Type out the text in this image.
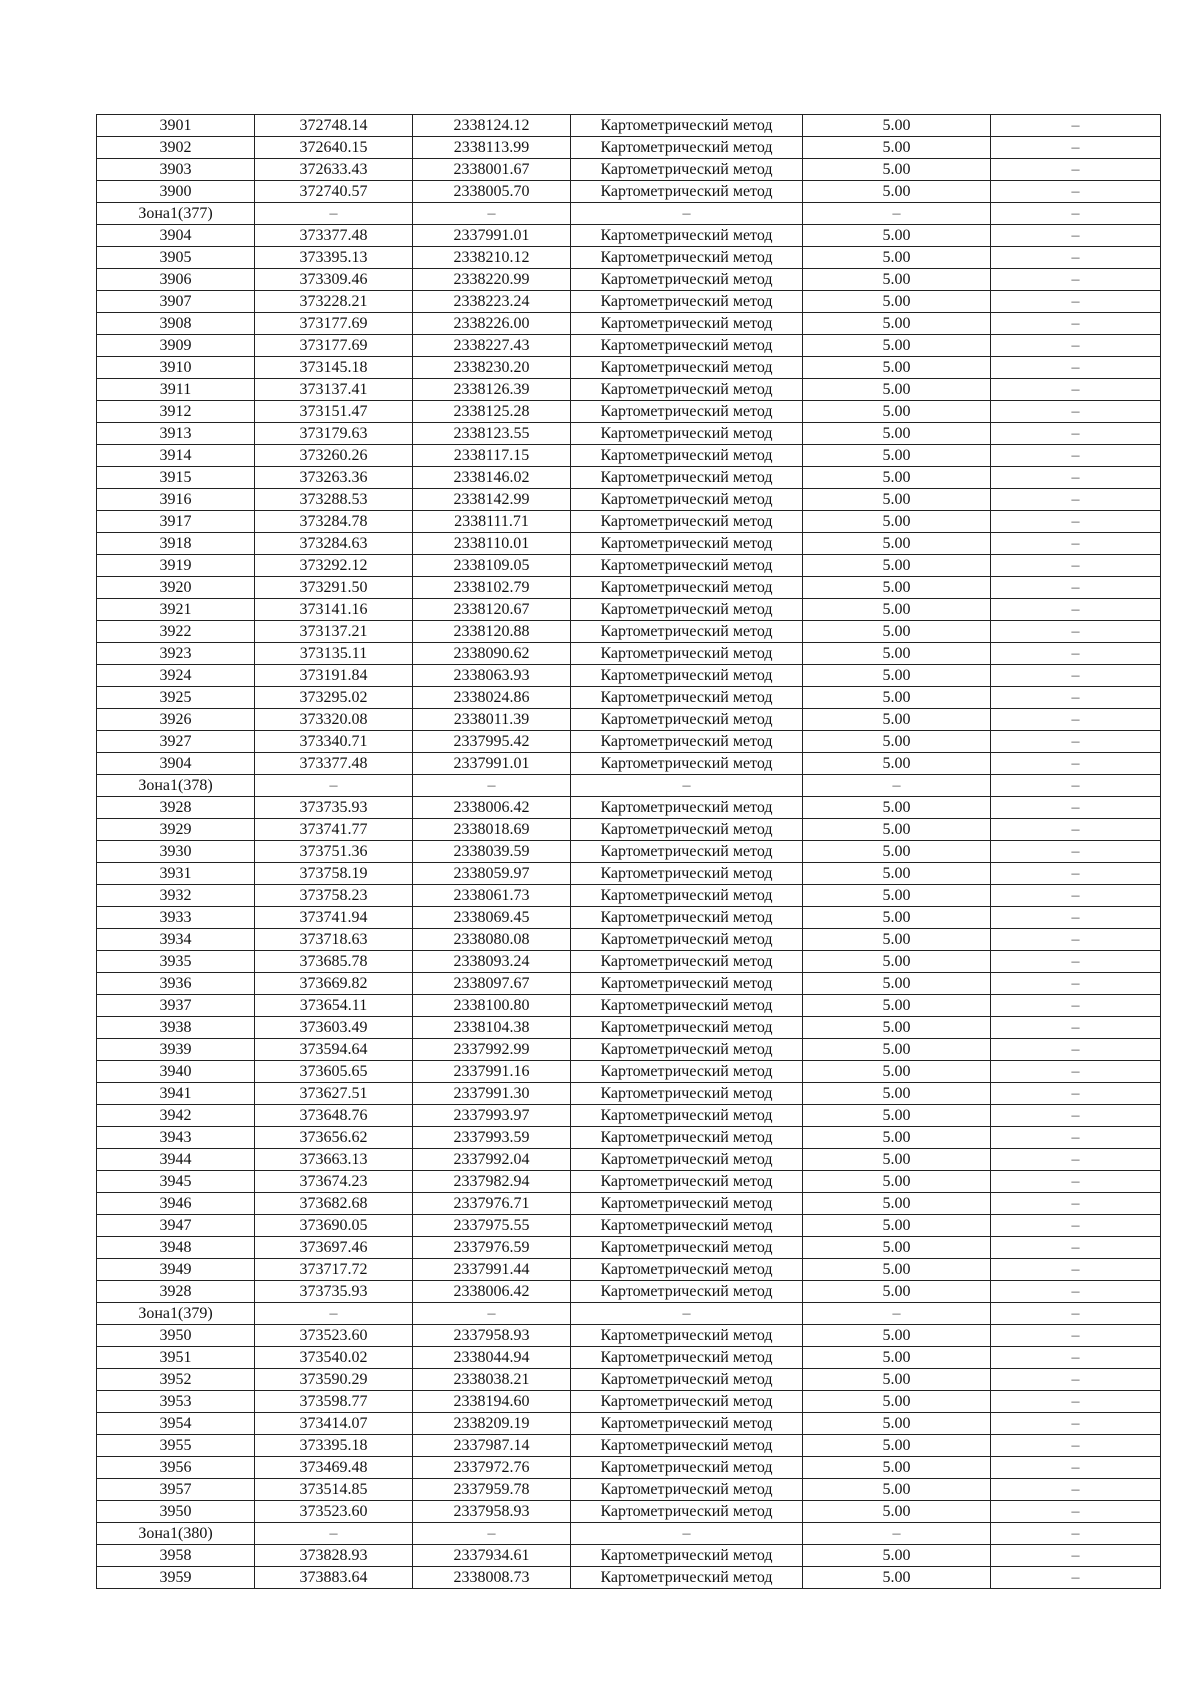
3901	372748.14	2338124.12	Картометрический метод	5.00	–
3902	372640.15	2338113.99	Картометрический метод	5.00	–
3903	372633.43	2338001.67	Картометрический метод	5.00	–
3900	372740.57	2338005.70	Картометрический метод	5.00	–
Зона1(377)	–	–	–	–	–
3904	373377.48	2337991.01	Картометрический метод	5.00	–
3905	373395.13	2338210.12	Картометрический метод	5.00	–
3906	373309.46	2338220.99	Картометрический метод	5.00	–
3907	373228.21	2338223.24	Картометрический метод	5.00	–
3908	373177.69	2338226.00	Картометрический метод	5.00	–
3909	373177.69	2338227.43	Картометрический метод	5.00	–
3910	373145.18	2338230.20	Картометрический метод	5.00	–
3911	373137.41	2338126.39	Картометрический метод	5.00	–
3912	373151.47	2338125.28	Картометрический метод	5.00	–
3913	373179.63	2338123.55	Картометрический метод	5.00	–
3914	373260.26	2338117.15	Картометрический метод	5.00	–
3915	373263.36	2338146.02	Картометрический метод	5.00	–
3916	373288.53	2338142.99	Картометрический метод	5.00	–
3917	373284.78	2338111.71	Картометрический метод	5.00	–
3918	373284.63	2338110.01	Картометрический метод	5.00	–
3919	373292.12	2338109.05	Картометрический метод	5.00	–
3920	373291.50	2338102.79	Картометрический метод	5.00	–
3921	373141.16	2338120.67	Картометрический метод	5.00	–
3922	373137.21	2338120.88	Картометрический метод	5.00	–
3923	373135.11	2338090.62	Картометрический метод	5.00	–
3924	373191.84	2338063.93	Картометрический метод	5.00	–
3925	373295.02	2338024.86	Картометрический метод	5.00	–
3926	373320.08	2338011.39	Картометрический метод	5.00	–
3927	373340.71	2337995.42	Картометрический метод	5.00	–
3904	373377.48	2337991.01	Картометрический метод	5.00	–
Зона1(378)	–	–	–	–	–
3928	373735.93	2338006.42	Картометрический метод	5.00	–
3929	373741.77	2338018.69	Картометрический метод	5.00	–
3930	373751.36	2338039.59	Картометрический метод	5.00	–
3931	373758.19	2338059.97	Картометрический метод	5.00	–
3932	373758.23	2338061.73	Картометрический метод	5.00	–
3933	373741.94	2338069.45	Картометрический метод	5.00	–
3934	373718.63	2338080.08	Картометрический метод	5.00	–
3935	373685.78	2338093.24	Картометрический метод	5.00	–
3936	373669.82	2338097.67	Картометрический метод	5.00	–
3937	373654.11	2338100.80	Картометрический метод	5.00	–
3938	373603.49	2338104.38	Картометрический метод	5.00	–
3939	373594.64	2337992.99	Картометрический метод	5.00	–
3940	373605.65	2337991.16	Картометрический метод	5.00	–
3941	373627.51	2337991.30	Картометрический метод	5.00	–
3942	373648.76	2337993.97	Картометрический метод	5.00	–
3943	373656.62	2337993.59	Картометрический метод	5.00	–
3944	373663.13	2337992.04	Картометрический метод	5.00	–
3945	373674.23	2337982.94	Картометрический метод	5.00	–
3946	373682.68	2337976.71	Картометрический метод	5.00	–
3947	373690.05	2337975.55	Картометрический метод	5.00	–
3948	373697.46	2337976.59	Картометрический метод	5.00	–
3949	373717.72	2337991.44	Картометрический метод	5.00	–
3928	373735.93	2338006.42	Картометрический метод	5.00	–
Зона1(379)	–	–	–	–	–
3950	373523.60	2337958.93	Картометрический метод	5.00	–
3951	373540.02	2338044.94	Картометрический метод	5.00	–
3952	373590.29	2338038.21	Картометрический метод	5.00	–
3953	373598.77	2338194.60	Картометрический метод	5.00	–
3954	373414.07	2338209.19	Картометрический метод	5.00	–
3955	373395.18	2337987.14	Картометрический метод	5.00	–
3956	373469.48	2337972.76	Картометрический метод	5.00	–
3957	373514.85	2337959.78	Картометрический метод	5.00	–
3950	373523.60	2337958.93	Картометрический метод	5.00	–
Зона1(380)	–	–	–	–	–
3958	373828.93	2337934.61	Картометрический метод	5.00	–
3959	373883.64	2338008.73	Картометрический метод	5.00	–
